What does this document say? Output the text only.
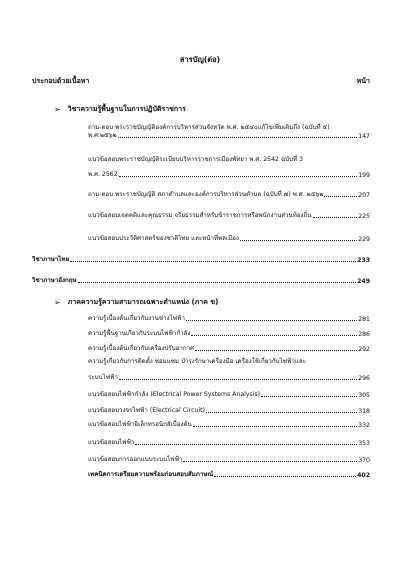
สารบัญ(ต่อ)
ประกอบด้วยเนื้อหา	หน้า
➢ วิชาความรู้พื้นฐานในการปฏิบัติราชการ
ถาม-ตอบ พระราชบัญญัติองค์การบริหารส่วนจังหวัด พ.ศ. ๒๕๔๐แก้ไขเพิ่มเติมถึง (ฉบับที่ ๕)
พ.ศ.๒๕๖๒	147
แนวข้อสอบพระราชบัญญัติระเบียบบริหารราชการเมืองพัทยา พ.ศ. 2542 ฉบับที่ 3
พ.ศ. 2562	199
ถาม-ตอบ พระราชบัญญัติ สภาตำบลและองค์การบริหารส่วนตำบล (ฉบับที่ ๗) พ.ศ. ๒๕๖๒	207
แนวข้อสอบเจตคติและคุณธรรม จริยธรรมสำหรับข้าราชการหรือพนักงานส่วนท้องถิ่น	225
แนวข้อสอบประวัติศาสตร์ของชาติไทย และหน้าที่พลเมือง	229
วิชาภาษาไทย	233
วิชาภาษาอังกฤษ	249
➢ ภาคความรู้ความสามารถเฉพาะตำแหน่ง (ภาค ข)
ความรู้เบื้องต้นเกี่ยวกับงานช่างไฟฟ้า	281
ความรู้พื้นฐานเกี่ยวกับระบบไฟฟ้ากำลัง	286
ความรู้เบื้องต้นเกี่ยวกับเครื่องปรับอากาศ	292
ความรู้เกี่ยวกับการติดตั้ง ซ่อมแซม บำรุงรักษาเครื่องมือ เครื่องใช้เกี่ยวกับไฟฟ้าและ
ระบบไฟฟ้า	296
แนวข้อสอบไฟฟ้ากำลัง (Electrical Power Systems Analysis)	305
แนวข้อสอบวงจรไฟฟ้า (Electrical Circuit)	318
แนวข้อสอบไฟฟ้าอิเล็กทรอนิกส์เบื้องต้น	332
แนวข้อสอบไฟฟ้า	353
แนวข้อสอบการออกแบบระบบไฟฟ้า	370
เทคนิคการเตรียมความพร้อมก่อนสอบสัมภาษณ์	402
